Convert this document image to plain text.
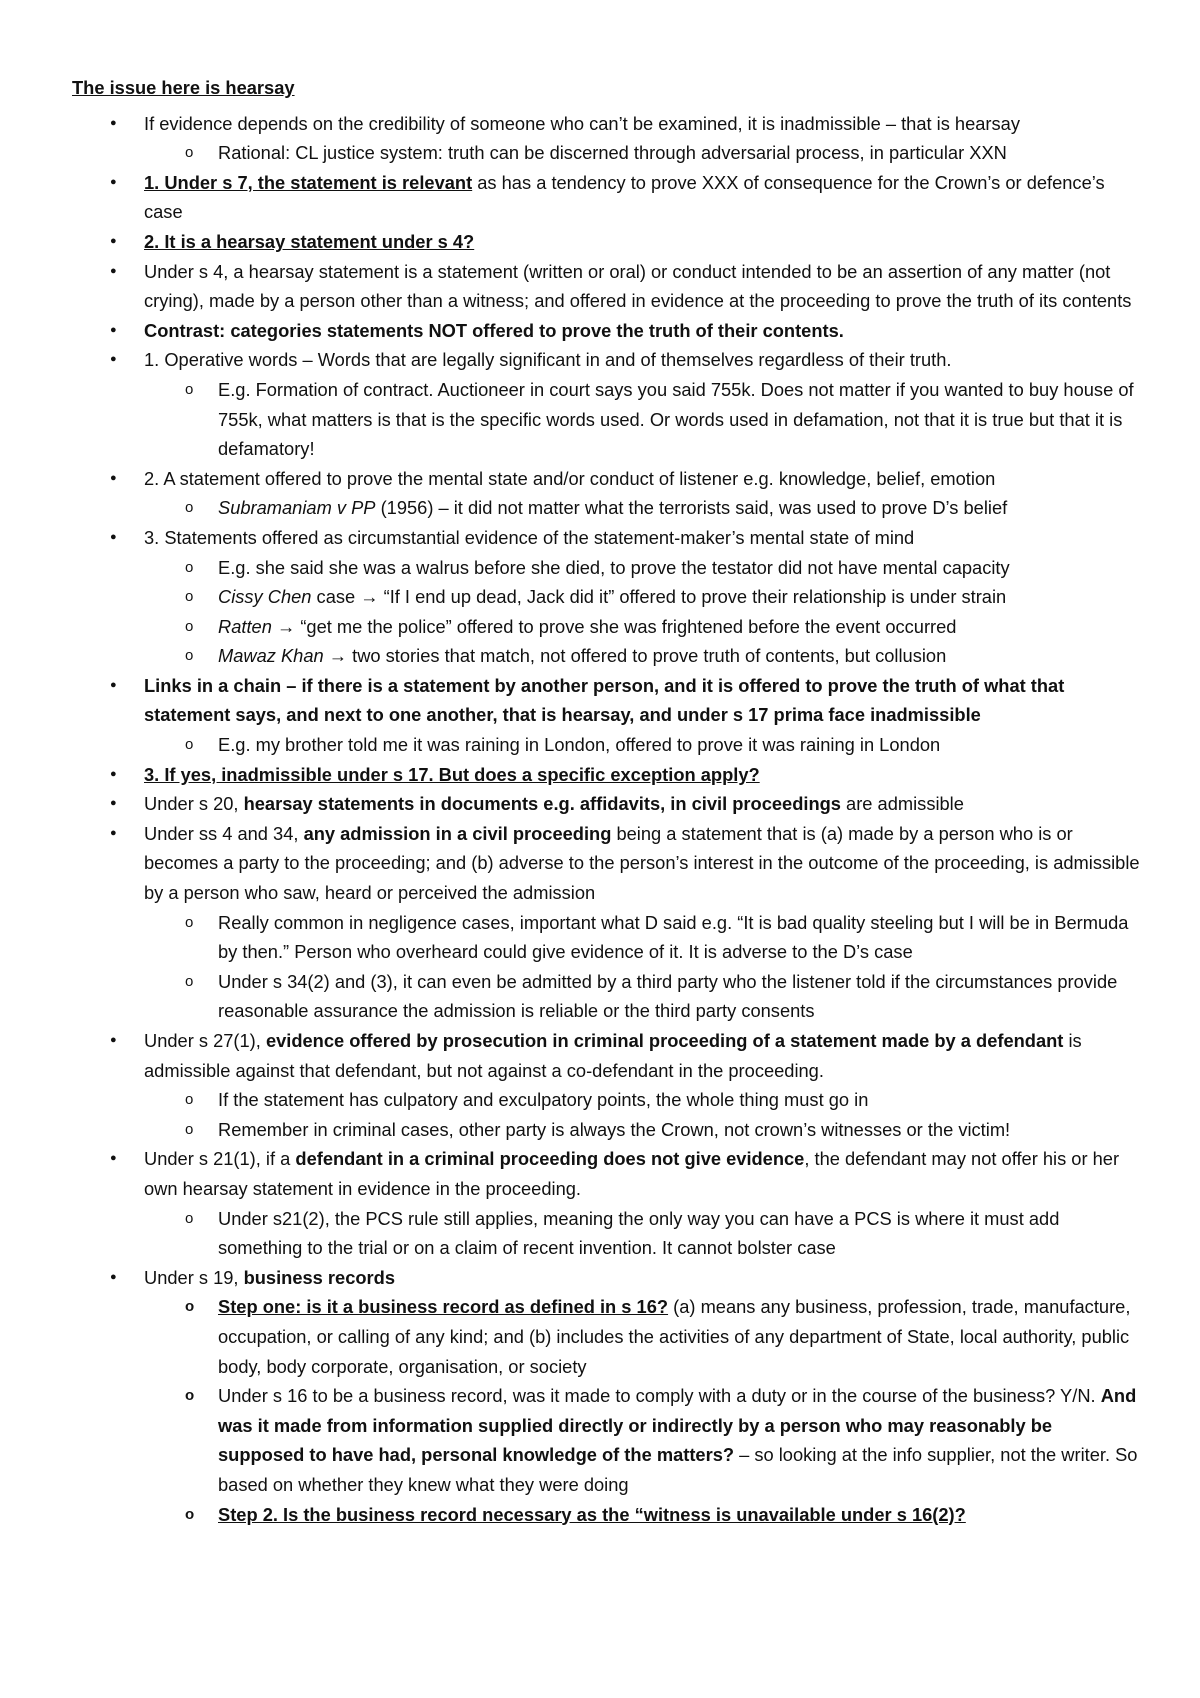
The issue here is hearsay
● If evidence depends on the credibility of someone who can’t be examined, it is inadmissible – that is hearsay
o Rational: CL justice system: truth can be discerned through adversarial process, in particular XXN
● 1. Under s 7, the statement is relevant as has a tendency to prove XXX of consequence for the Crown’s or defence’s case
● 2. It is a hearsay statement under s 4?
● Under s 4, a hearsay statement is a statement (written or oral) or conduct intended to be an assertion of any matter (not crying), made by a person other than a witness; and offered in evidence at the proceeding to prove the truth of its contents
● Contrast: categories statements NOT offered to prove the truth of their contents.
● 1. Operative words – Words that are legally significant in and of themselves regardless of their truth.
o E.g. Formation of contract. Auctioneer in court says you said 755k. Does not matter if you wanted to buy house of 755k, what matters is that is the specific words used. Or words used in defamation, not that it is true but that it is defamatory!
● 2. A statement offered to prove the mental state and/or conduct of listener e.g. knowledge, belief, emotion
o Subramaniam v PP (1956) – it did not matter what the terrorists said, was used to prove D’s belief
● 3. Statements offered as circumstantial evidence of the statement-maker’s mental state of mind
o E.g. she said she was a walrus before she died, to prove the testator did not have mental capacity
o Cissy Chen case → “If I end up dead, Jack did it” offered to prove their relationship is under strain
o Ratten → “get me the police” offered to prove she was frightened before the event occurred
o Mawaz Khan → two stories that match, not offered to prove truth of contents, but collusion
● Links in a chain – if there is a statement by another person, and it is offered to prove the truth of what that statement says, and next to one another, that is hearsay, and under s 17 prima face inadmissible
o E.g. my brother told me it was raining in London, offered to prove it was raining in London
● 3. If yes, inadmissible under s 17. But does a specific exception apply?
● Under s 20, hearsay statements in documents e.g. affidavits, in civil proceedings are admissible
● Under ss 4 and 34, any admission in a civil proceeding being a statement that is (a) made by a person who is or becomes a party to the proceeding; and (b) adverse to the person’s interest in the outcome of the proceeding, is admissible by a person who saw, heard or perceived the admission
o Really common in negligence cases, important what D said e.g. “It is bad quality steeling but I will be in Bermuda by then.” Person who overheard could give evidence of it. It is adverse to the D’s case
o Under s 34(2) and (3), it can even be admitted by a third party who the listener told if the circumstances provide reasonable assurance the admission is reliable or the third party consents
● Under s 27(1), evidence offered by prosecution in criminal proceeding of a statement made by a defendant is admissible against that defendant, but not against a co-defendant in the proceeding.
o If the statement has culpatory and exculpatory points, the whole thing must go in
o Remember in criminal cases, other party is always the Crown, not crown’s witnesses or the victim!
● Under s 21(1), if a defendant in a criminal proceeding does not give evidence, the defendant may not offer his or her own hearsay statement in evidence in the proceeding.
o Under s21(2), the PCS rule still applies, meaning the only way you can have a PCS is where it must add something to the trial or on a claim of recent invention. It cannot bolster case
● Under s 19, business records
o Step one: is it a business record as defined in s 16? (a) means any business, profession, trade, manufacture, occupation, or calling of any kind; and (b) includes the activities of any department of State, local authority, public body, body corporate, organisation, or society
o Under s 16 to be a business record, was it made to comply with a duty or in the course of the business? Y/N. And was it made from information supplied directly or indirectly by a person who may reasonably be supposed to have had, personal knowledge of the matters? – so looking at the info supplier, not the writer. So based on whether they knew what they were doing
o Step 2. Is the business record necessary as the “witness is unavailable under s 16(2)?
